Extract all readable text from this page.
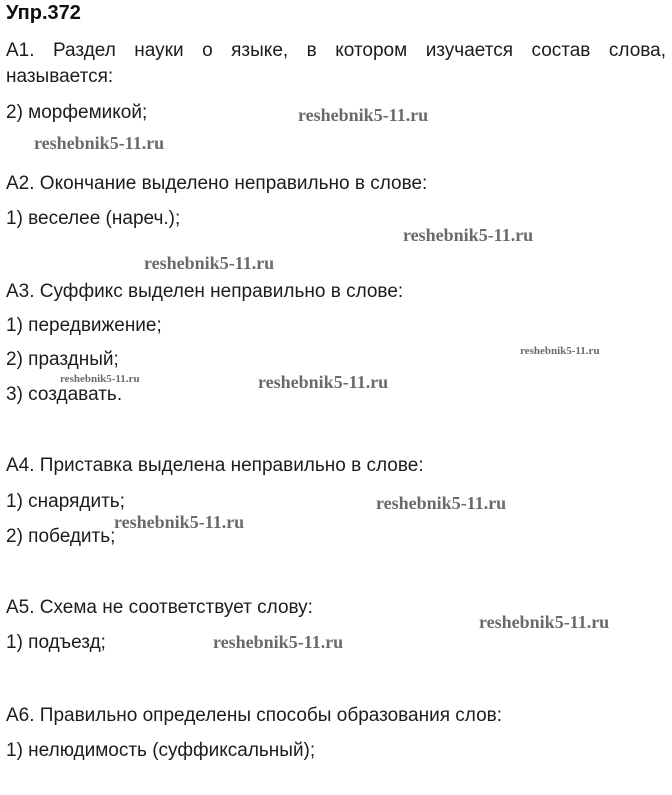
Упр.372
А1. Раздел науки о языке, в котором изучается состав слова,
называется:
2) морфемикой;
А2. Окончание выделено неправильно в слове:
1) веселее (нареч.);
А3. Суффикс выделен неправильно в слове:
1) передвижение;
2) праздный;
3) создавать.
А4. Приставка выделена неправильно в слове:
1) снарядить;
2) победить;
А5. Схема не соответствует слову:
1) подъезд;
А6. Правильно определены способы образования слов:
1) нелюдимость (суффиксальный);
reshebnik5-11.ru
reshebnik5-11.ru
reshebnik5-11.ru
reshebnik5-11.ru
reshebnik5-11.ru
reshebnik5-11.ru	reshebnik5-11.ru
reshebnik5-11.ru
reshebnik5-11.ru
reshebnik5-11.ru
reshebnik5-11.ru
